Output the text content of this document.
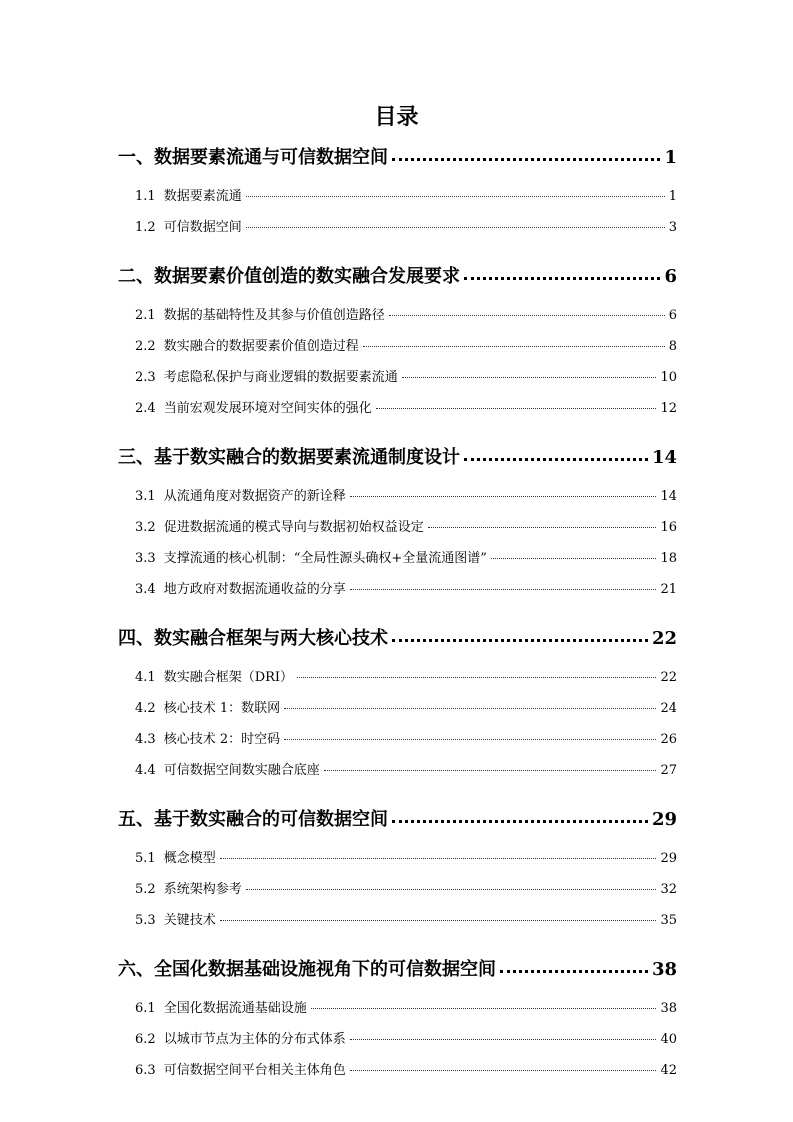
目录
一、数据要素流通与可信数据空间	1
1.1 数据要素流通	1
1.2 可信数据空间	3
二、数据要素价值创造的数实融合发展要求	6
2.1 数据的基础特性及其参与价值创造路径	6
2.2 数实融合的数据要素价值创造过程	8
2.3 考虑隐私保护与商业逻辑的数据要素流通	10
2.4 当前宏观发展环境对空间实体的强化	12
三、基于数实融合的数据要素流通制度设计	14
3.1 从流通角度对数据资产的新诠释	14
3.2 促进数据流通的模式导向与数据初始权益设定	16
3.3 支撑流通的核心机制：“全局性源头确权+全量流通图谱”	18
3.4 地方政府对数据流通收益的分享	21
四、数实融合框架与两大核心技术	22
4.1 数实融合框架（DRI）	22
4.2 核心技术 1：数联网	24
4.3 核心技术 2：时空码	26
4.4 可信数据空间数实融合底座	27
五、基于数实融合的可信数据空间	29
5.1 概念模型	29
5.2 系统架构参考	32
5.3 关键技术	35
六、全国化数据基础设施视角下的可信数据空间	38
6.1 全国化数据流通基础设施	38
6.2 以城市节点为主体的分布式体系	40
6.3 可信数据空间平台相关主体角色	42
